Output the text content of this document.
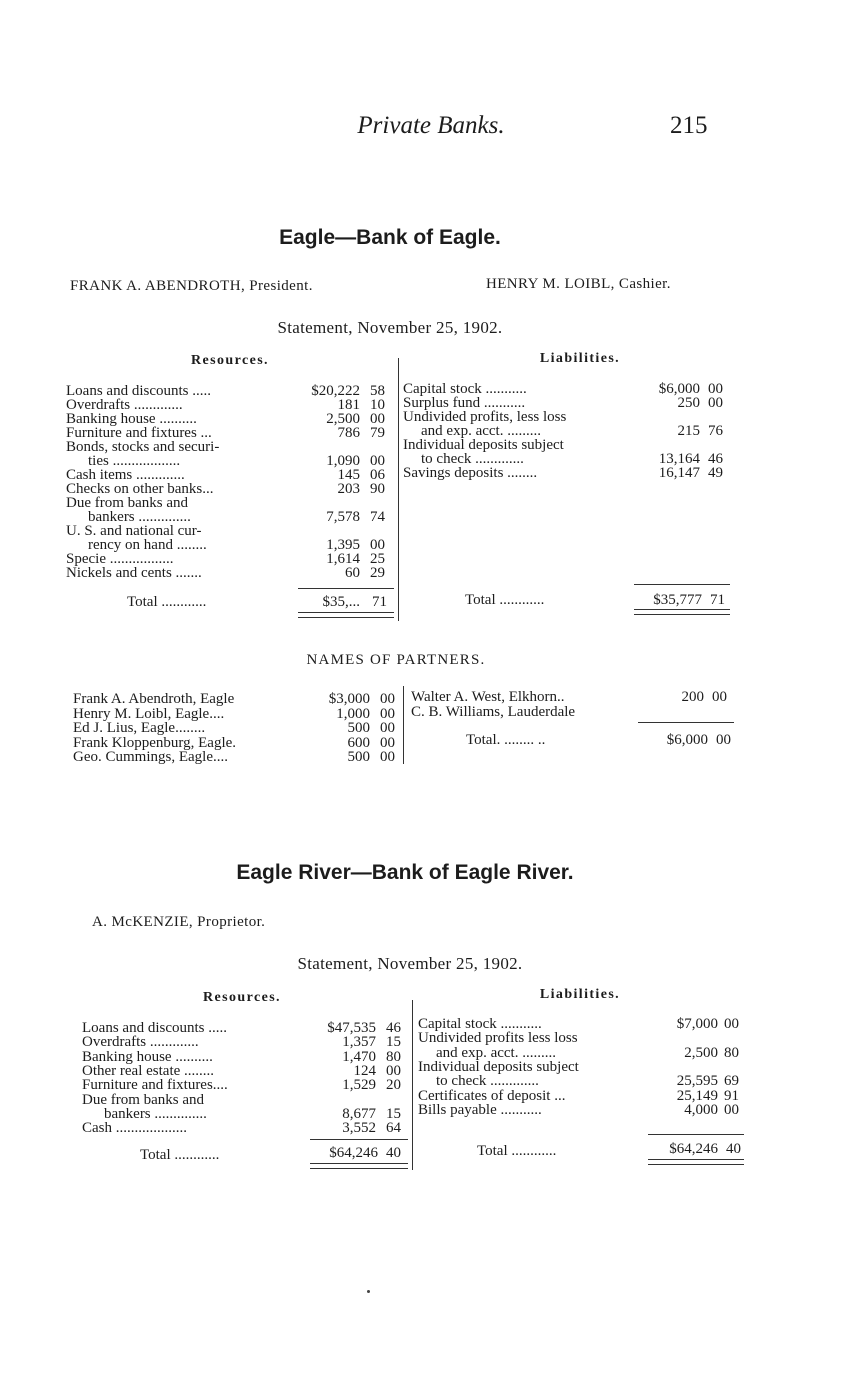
Private Banks.	215
Eagle—Bank of Eagle.
FRANK A. ABENDROTH, President.	HENRY M. LOIBL, Cashier.
Statement, November 25, 1902.
Resources.	Liabilities.
Loans and discounts .....	$20,222 58
Overdrafts .............	181 10
Banking house ..........	2,500 00
Furniture and fixtures ...	786 79
Bonds, stocks and securi-
ties ..................	1,090 00
Cash items .............	145 06
Checks on other banks...	203 90
Due from banks and
bankers ..............	7,578 74
U. S. and national cur-
rency on hand ........	1,395 00
Specie .................	1,614 25
Nickels and cents .......	60 29
Capital stock ...........	$6,000 00
Surplus fund ...........	250 00
Undivided profits, less loss
and exp. acct. .........	215 76
Individual deposits subject
to check .............	13,164 46
Savings deposits ........	16,147 49
Total ............	$35,... 71	Total ............	$35,777 71
NAMES OF PARTNERS.
Frank A. Abendroth, Eagle	$3,000 00
Henry M. Loibl, Eagle....	1,000 00
Ed J. Lius, Eagle........	500 00
Frank Kloppenburg, Eagle.	600 00
Geo. Cummings, Eagle....	500 00
Walter A. West, Elkhorn..	200 00
C. B. Williams, Lauderdale
Total. ........ ..	$6,000 00
Eagle River—Bank of Eagle River.
A. McKENZIE, Proprietor.
Statement, November 25, 1902.
Resources.	Liabilities.
Loans and discounts .....	$47,535 46
Overdrafts .............	1,357 15
Banking house ..........	1,470 80
Other real estate ........	124 00
Furniture and fixtures....	1,529 20
Due from banks and
bankers ..............	8,677 15
Cash ...................	3,552 64
Capital stock ...........	$7,000 00
Undivided profits less loss
and exp. acct. .........	2,500 80
Individual deposits subject
to check .............	25,595 69
Certificates of deposit ...	25,149 91
Bills payable ...........	4,000 00
Total ............	$64,246 40	Total ............	$64,246 40
